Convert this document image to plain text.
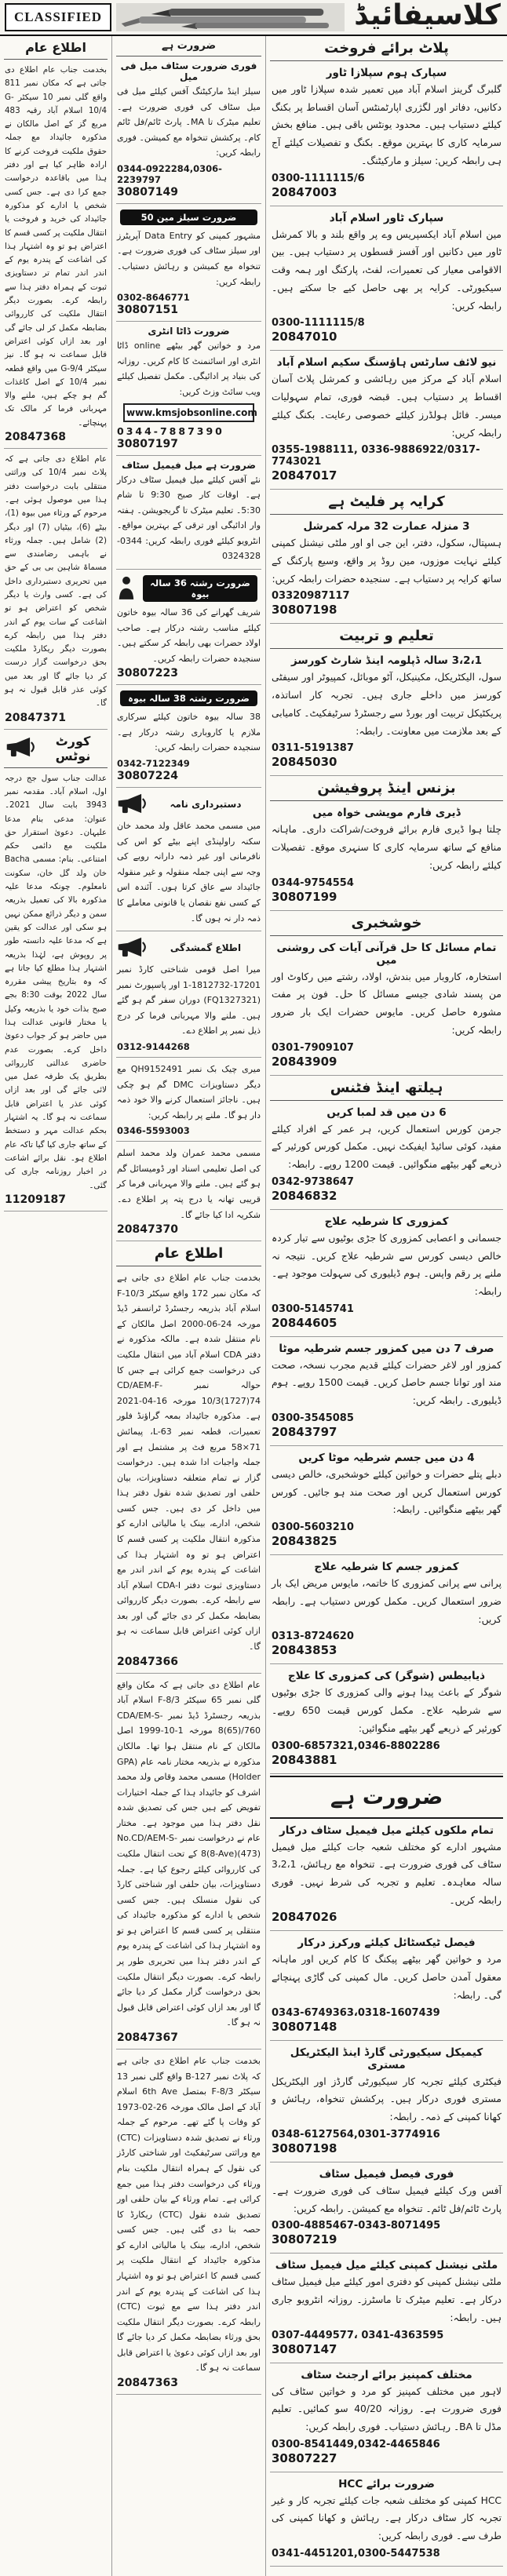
CLASSIFIED	کلاسیفائیڈ
اطلاع عام
بخدمت جناب عام اطلاع دی جاتی ہے کہ مکان نمبر 811 واقع گلی نمبر 10 سیکٹر G-10/4 اسلام آباد رقبہ 483 مربع گز کے اصل مالکان نے مذکورہ جائیداد مع جملہ حقوق ملکیت فروخت کرنے کا ارادہ ظاہر کیا ہے اور دفتر ہذا میں باقاعدہ درخواست جمع کرا دی ہے۔ جس کسی شخص یا ادارے کو مذکورہ جائیداد کی خرید و فروخت یا انتقال ملکیت پر کسی قسم کا اعتراض ہو تو وہ اشتہار ہذا کی اشاعت کے پندرہ یوم کے اندر اندر تمام تر دستاویزی ثبوت کے ہمراہ دفتر ہذا سے رابطہ کرے۔ بصورت دیگر انتقال ملکیت کی کارروائی بضابطہ مکمل کر لی جائے گی اور بعد ازاں کوئی اعتراض قابل سماعت نہ ہو گا۔ نیز سیکٹر G-9/4 میں واقع قطعہ نمبر 10/4 کے اصل کاغذات گم ہو چکے ہیں، ملنے والا مہربانی فرما کر مالک تک پہنچائے۔
20847368
عام اطلاع دی جاتی ہے کہ پلاٹ نمبر 10/4 کی وراثتی منتقلی بابت درخواست دفتر ہذا میں موصول ہوئی ہے۔ مرحوم کے ورثاء میں بیوہ (1)، بیٹے (6)، بیٹیاں (7) اور دیگر (2) شامل ہیں۔ جملہ ورثاء نے باہمی رضامندی سے مسماۃ شاہین بی بی کے حق میں تحریری دستبرداری داخل کی ہے۔ کسی وارث یا دیگر شخص کو اعتراض ہو تو اشاعت کے سات یوم کے اندر دفتر ہذا میں رابطہ کرے بصورت دیگر ریکارڈ ملکیت بحق درخواست گزار درست کر دیا جائے گا اور بعد میں کوئی عذر قابل قبول نہ ہو گا۔
20847371
کورٹ نوٹس
عدالت جناب سول جج درجہ اول، اسلام آباد۔ مقدمہ نمبر 3943 بابت سال 2021۔ عنوان: مدعی بنام مدعا علیہان۔ دعویٰ استقرار حق ملکیت مع دائمی حکم امتناعی۔ بنام: مسمی Bacha خان ولد گل خان، سکونت نامعلوم۔ چونکہ مدعا علیہ مذکورہ بالا کی تعمیل بذریعہ سمن و دیگر ذرائع ممکن نہیں ہو سکی اور عدالت کو یقین ہے کہ مدعا علیہ دانستہ طور پر روپوش ہے، لہٰذا بذریعہ اشتہار ہذا مطلع کیا جاتا ہے کہ وہ بتاریخ پیشی مقررہ سال 2022 بوقت 8:30 بجے صبح بذات خود یا بذریعہ وکیل یا مختار قانونی عدالت ہذا میں حاضر ہو کر جواب دعویٰ داخل کرے۔ بصورت عدم حاضری عدالتی کارروائی بطریق یک طرفہ عمل میں لائی جائے گی اور بعد ازاں کوئی عذر یا اعتراض قابل سماعت نہ ہو گا۔ یہ اشتہار بحکم عدالت مہر و دستخط کے ساتھ جاری کیا گیا تاکہ عام اطلاع ہو۔ نقل برائے اشاعت در اخبار روزنامہ جاری کی گئی۔
11209187
ضرورت ہے
فوری ضرورت سٹاف میل فی میل
سیلز اینڈ مارکیٹنگ آفس کیلئے میل فی میل سٹاف کی فوری ضرورت ہے۔ تعلیم میٹرک تا MA۔ پارٹ ٹائم/فل ٹائم کام۔ پرکشش تنخواہ مع کمیشن۔ فوری رابطہ کریں:
0344-0922284,0306-2239797
30807149
ضرورت سیلز مین 50
مشہور کمپنی کو Data Entry آپریٹرز اور سیلز سٹاف کی فوری ضرورت ہے۔ تنخواہ مع کمیشن و رہائش دستیاب۔ رابطہ کریں:
0302-8646771
30807151
ضرورت ڈاٹا انٹری
مرد و خواتین گھر بیٹھے online ڈاٹا انٹری اور اسائنمنٹ کا کام کریں۔ روزانہ کی بنیاد پر ادائیگی۔ مکمل تفصیل کیلئے ویب سائٹ وزٹ کریں:
www.kmsjobsonline.com
0344-7887390
30807197
ضرورت ہے میل فیمیل سٹاف
نئے آفس کیلئے میل فیمیل سٹاف درکار ہے۔ اوقات کار صبح 9:30 تا شام 5:30۔ تعلیم میٹرک تا گریجویشن۔ ہفتہ وار ادائیگی اور ترقی کے بہترین مواقع۔ انٹرویو کیلئے فوری رابطہ کریں: 0344-0324328
ضرورت رشتہ 36 سالہ بیوہ
شریف گھرانے کی 36 سالہ بیوہ خاتون کیلئے مناسب رشتہ درکار ہے۔ صاحب اولاد حضرات بھی رابطہ کر سکتے ہیں۔ سنجیدہ حضرات رابطہ کریں۔
30807223
ضرورت رشتہ 38 سالہ بیوہ
38 سالہ بیوہ خاتون کیلئے سرکاری ملازم یا کاروباری رشتہ درکار ہے۔ سنجیدہ حضرات رابطہ کریں:
0342-7122349
30807224
دستبرداری نامہ
میں مسمی محمد عاقل ولد محمد خان سکنہ راولپنڈی اپنے بیٹے کو اس کی نافرمانی اور غیر ذمہ دارانہ رویے کی وجہ سے اپنی جملہ منقولہ و غیر منقولہ جائیداد سے عاق کرتا ہوں۔ آئندہ اس کے کسی نفع نقصان یا قانونی معاملے کا ذمہ دار نہ ہوں گا۔
اطلاع گمشدگی
میرا اصل قومی شناختی کارڈ نمبر 17201-1812732-1 اور پاسپورٹ نمبر (FQ1327321) دوران سفر گم ہو گئے ہیں۔ ملنے والا مہربانی فرما کر درج ذیل نمبر پر اطلاع دے۔
0312-9144268
میری چیک بک نمبر QH9152491 مع دیگر دستاویزات DMC گم ہو چکی ہیں۔ ناجائز استعمال کرنے والا خود ذمہ دار ہو گا۔ ملنے پر رابطہ کریں:
0346-5593003
مسمی محمد عمران ولد محمد اسلم کی اصل تعلیمی اسناد اور ڈومیسائل گم ہو گئے ہیں۔ ملنے والا مہربانی فرما کر قریبی تھانہ یا درج پتہ پر اطلاع دے۔ شکریہ ادا کیا جائے گا۔
20847370
اطلاع عام
بخدمت جناب عام اطلاع دی جاتی ہے کہ مکان نمبر 172 واقع سیکٹر F-10/3 اسلام آباد بذریعہ رجسٹرڈ ٹرانسفر ڈیڈ مورخہ 24-06-2000 اصل مالکان کے نام منتقل شدہ ہے۔ مالکہ مذکورہ نے دفتر CDA اسلام آباد میں انتقال ملکیت کی درخواست جمع کرائی ہے جس کا حوالہ نمبر CD/AEM-F-10/3(1727)74 مورخہ 16-04-2021 ہے۔ مذکورہ جائیداد بمعہ گراؤنڈ فلور تعمیرات، قطعہ نمبر L-63، پیمائش 71×58 مربع فٹ پر مشتمل ہے اور جملہ واجبات ادا شدہ ہیں۔ درخواست گزار نے تمام متعلقہ دستاویزات، بیان حلفی اور تصدیق شدہ نقول دفتر ہذا میں داخل کر دی ہیں۔ جس کسی شخص، ادارے، بینک یا مالیاتی ادارے کو مذکورہ انتقال ملکیت پر کسی قسم کا اعتراض ہو تو وہ اشتہار ہذا کی اشاعت کے پندرہ یوم کے اندر اندر مع دستاویزی ثبوت دفتر CDA-I اسلام آباد سے رابطہ کرے۔ بصورت دیگر کارروائی بضابطہ مکمل کر دی جائے گی اور بعد ازاں کوئی اعتراض قابل سماعت نہ ہو گا۔
20847366
عام اطلاع دی جاتی ہے کہ مکان واقع گلی نمبر 65 سیکٹر F-8/3 اسلام آباد بذریعہ رجسٹرڈ ڈیڈ نمبر CDA/EM-S-8(65)/760 مورخہ 1-10-1999 اصل مالکان کے نام منتقل ہوا تھا۔ مالکان مذکورہ نے بذریعہ مختار نامہ عام (GPA Holder) مسمی محمد وقاص ولد محمد اشرف کو جائیداد ہذا کے جملہ اختیارات تفویض کیے ہیں جس کی تصدیق شدہ نقل دفتر ہذا میں موجود ہے۔ مختار عام نے درخواست نمبر No.CD/AEM-S-8(8-Ave)(473) کے تحت انتقال ملکیت کی کارروائی کیلئے رجوع کیا ہے۔ جملہ دستاویزات، بیان حلفی اور شناختی کارڈ کی نقول منسلک ہیں۔ جس کسی شخص یا ادارے کو مذکورہ جائیداد کی منتقلی پر کسی قسم کا اعتراض ہو تو وہ اشتہار ہذا کی اشاعت کے پندرہ یوم کے اندر دفتر ہذا میں تحریری طور پر رابطہ کرے۔ بصورت دیگر انتقال ملکیت بحق درخواست گزار مکمل کر دیا جائے گا اور بعد ازاں کوئی اعتراض قابل قبول نہ ہو گا۔
20847367
بخدمت جناب عام اطلاع دی جاتی ہے کہ پلاٹ نمبر B-127 واقع گلی نمبر 13 سیکٹر F-8/3 بمتصل 6th Ave اسلام آباد کے اصل مالک مورخہ 26-02-1973 کو وفات پا گئے تھے۔ مرحوم کے جملہ ورثاء نے تصدیق شدہ دستاویزات (CTC) مع وراثتی سرٹیفکیٹ اور شناختی کارڈز کی نقول کے ہمراہ انتقال ملکیت بنام ورثاء کی درخواست دفتر ہذا میں جمع کرائی ہے۔ تمام ورثاء کے بیان حلفی اور تصدیق شدہ نقول (CTC) ریکارڈ کا حصہ بنا دی گئی ہیں۔ جس کسی شخص، ادارے، بینک یا مالیاتی ادارے کو مذکورہ جائیداد کے انتقال ملکیت پر کسی قسم کا اعتراض ہو تو وہ اشتہار ہذا کی اشاعت کے پندرہ یوم کے اندر اندر دفتر ہذا سے مع ثبوت (CTC) رابطہ کرے۔ بصورت دیگر انتقال ملکیت بحق ورثاء بضابطہ مکمل کر دیا جائے گا اور بعد ازاں کوئی دعویٰ یا اعتراض قابل سماعت نہ ہو گا۔
20847363
پلاٹ برائے فروخت
سپارک ہوم سپلازا ٹاور
گلبرگ گرینز اسلام آباد میں تعمیر شدہ سپلازا ٹاور میں دکانیں، دفاتر اور لگژری اپارٹمنٹس آسان اقساط پر بکنگ کیلئے دستیاب ہیں۔ محدود یونٹس باقی ہیں۔ منافع بخش سرمایہ کاری کا بہترین موقع۔ بکنگ و تفصیلات کیلئے آج ہی رابطہ کریں: سیلز و مارکیٹنگ۔
0300-1111115/6
20847003
سپارک ٹاور اسلام آباد
مین اسلام آباد ایکسپریس وے پر واقع بلند و بالا کمرشل ٹاور میں دکانیں اور آفسز قسطوں پر دستیاب ہیں۔ بین الاقوامی معیار کی تعمیرات، لفٹ، پارکنگ اور ہمہ وقت سیکیورٹی۔ کرایہ پر بھی حاصل کیے جا سکتے ہیں۔ رابطہ کریں:
0300-1111115/8
20847010
نیو لائف سارٹس ہاؤسنگ سکیم اسلام آباد
اسلام آباد کے مرکز میں رہائشی و کمرشل پلاٹ آسان اقساط پر دستیاب ہیں۔ قبضہ فوری، تمام سہولیات میسر۔ فائل ہولڈرز کیلئے خصوصی رعایت۔ بکنگ کیلئے رابطہ کریں:
0355-1988111, 0336-9886922/0317-7743021
20847017
کرایہ پر فلیٹ ہے
3 منزلہ عمارت 32 مرلہ کمرشل
ہسپتال، سکول، دفتر، این جی او اور ملٹی نیشنل کمپنی کیلئے نہایت موزوں، مین روڈ پر واقع، وسیع پارکنگ کے ساتھ کرایہ پر دستیاب ہے۔ سنجیدہ حضرات رابطہ کریں:
03320987117
30807198
تعلیم و تربیت
3،2،1 سالہ ڈپلومہ اینڈ شارٹ کورسز
سول، الیکٹریکل، مکینیکل، آٹو موبائل، کمپیوٹر اور سیفٹی کورسز میں داخلے جاری ہیں۔ تجربہ کار اساتذہ، پریکٹیکل تربیت اور بورڈ سے رجسٹرڈ سرٹیفکیٹ۔ کامیابی کے بعد ملازمت میں معاونت۔ رابطہ:
0311-5191387
20845030
بزنس اینڈ پروفیشن
ڈیری فارم مویشی خواہ میں
چلتا ہوا ڈیری فارم برائے فروخت/شراکت داری۔ ماہانہ منافع کے ساتھ سرمایہ کاری کا سنہری موقع۔ تفصیلات کیلئے رابطہ کریں:
0344-9754554
30807199
خوشخبری
تمام مسائل کا حل قرآنی آیات کی روشنی میں
استخارہ، کاروبار میں بندش، اولاد، رشتے میں رکاوٹ اور من پسند شادی جیسے مسائل کا حل۔ فون پر مفت مشورہ حاصل کریں۔ مایوس حضرات ایک بار ضرور رابطہ کریں:
0301-7909107
20843909
ہیلتھ اینڈ فٹنس
6 دن میں قد لمبا کریں
جرمن کورس استعمال کریں، ہر عمر کے افراد کیلئے مفید، کوئی سائیڈ ایفیکٹ نہیں۔ مکمل کورس کورئیر کے ذریعے گھر بیٹھے منگوائیں۔ قیمت 1200 روپے۔ رابطہ:
0342-9738647
20846832
کمزوری کا شرطیہ علاج
جسمانی و اعصابی کمزوری کا جڑی بوٹیوں سے تیار کردہ خالص دیسی کورس سے شرطیہ علاج کریں۔ نتیجہ نہ ملنے پر رقم واپس۔ ہوم ڈیلیوری کی سہولت موجود ہے۔ رابطہ:
0300-5145741
20844605
صرف 7 دن میں کمزور جسم شرطیہ موٹا
کمزور اور لاغر حضرات کیلئے قدیم مجرب نسخہ، صحت مند اور توانا جسم حاصل کریں۔ قیمت 1500 روپے۔ ہوم ڈیلیوری۔ رابطہ کریں:
0300-3545085
20843797
4 دن میں جسم شرطیہ موٹا کریں
دبلے پتلے حضرات و خواتین کیلئے خوشخبری، خالص دیسی کورس استعمال کریں اور صحت مند ہو جائیں۔ کورس گھر بیٹھے منگوائیں۔ رابطہ:
0300-5603210
20843825
کمزور جسم کا شرطیہ علاج
پرانی سے پرانی کمزوری کا خاتمہ، مایوس مریض ایک بار ضرور استعمال کریں۔ مکمل کورس دستیاب ہے۔ رابطہ کریں:
0313-8724620
20843853
ذیابیطس (شوگر) کی کمزوری کا علاج
شوگر کے باعث پیدا ہونے والی کمزوری کا جڑی بوٹیوں سے شرطیہ علاج۔ مکمل کورس قیمت 650 روپے۔ کورئیر کے ذریعے گھر بیٹھے منگوائیں:
0300-6857321,0346-8802286
20843881
ضرورت ہے
تمام ملکوں کیلئے میل فیمیل سٹاف درکار
مشہور ادارے کو مختلف شعبہ جات کیلئے میل فیمیل سٹاف کی فوری ضرورت ہے۔ تنخواہ مع رہائش، 3،2،1 سالہ معاہدہ۔ تعلیم و تجربہ کی شرط نہیں۔ فوری رابطہ کریں۔
20847026
فیصل ٹیکسٹائل کیلئے ورکرز درکار
مرد و خواتین گھر بیٹھے پیکنگ کا کام کریں اور ماہانہ معقول آمدن حاصل کریں۔ مال کمپنی کی گاڑی پہنچائے گی۔ رابطہ:
0343-6749363،0318-1607439
30807148
کیمیکل سیکیورٹی گارڈ اینڈ الیکٹریکل مستری
فیکٹری کیلئے تجربہ کار سیکیورٹی گارڈز اور الیکٹریکل مستری فوری درکار ہیں۔ پرکشش تنخواہ، رہائش و کھانا کمپنی کے ذمہ۔ رابطہ:
0348-6127564,0301-3774916
30807198
فوری فیصل فیمیل سٹاف
آفس ورک کیلئے فیمیل سٹاف کی فوری ضرورت ہے۔ پارٹ ٹائم/فل ٹائم۔ تنخواہ مع کمیشن۔ رابطہ کریں:
0300-4885467-0343-8071495
30807219
ملٹی نیشنل کمپنی کیلئے میل فیمیل سٹاف
ملٹی نیشنل کمپنی کو دفتری امور کیلئے میل فیمیل سٹاف درکار ہے۔ تعلیم میٹرک تا ماسٹرز۔ روزانہ انٹرویو جاری ہیں۔ رابطہ:
0307-4449577، 0341-4363595
30807147
مختلف کمپنیز برائے ارجنٹ سٹاف
لاہور میں مختلف کمپنیز کو مرد و خواتین سٹاف کی فوری ضرورت ہے۔ روزانہ 40/20 سو کمائیں۔ تعلیم مڈل تا BA۔ رہائش دستیاب۔ فوری رابطہ کریں:
0300-8541449,0342-4465846
30807227
ضرورت برائے HCC
HCC کمپنی کو مختلف شعبہ جات کیلئے تجربہ کار و غیر تجربہ کار سٹاف درکار ہے۔ رہائش و کھانا کمپنی کی طرف سے۔ فوری رابطہ کریں:
0341-4451201,0300-5447538
